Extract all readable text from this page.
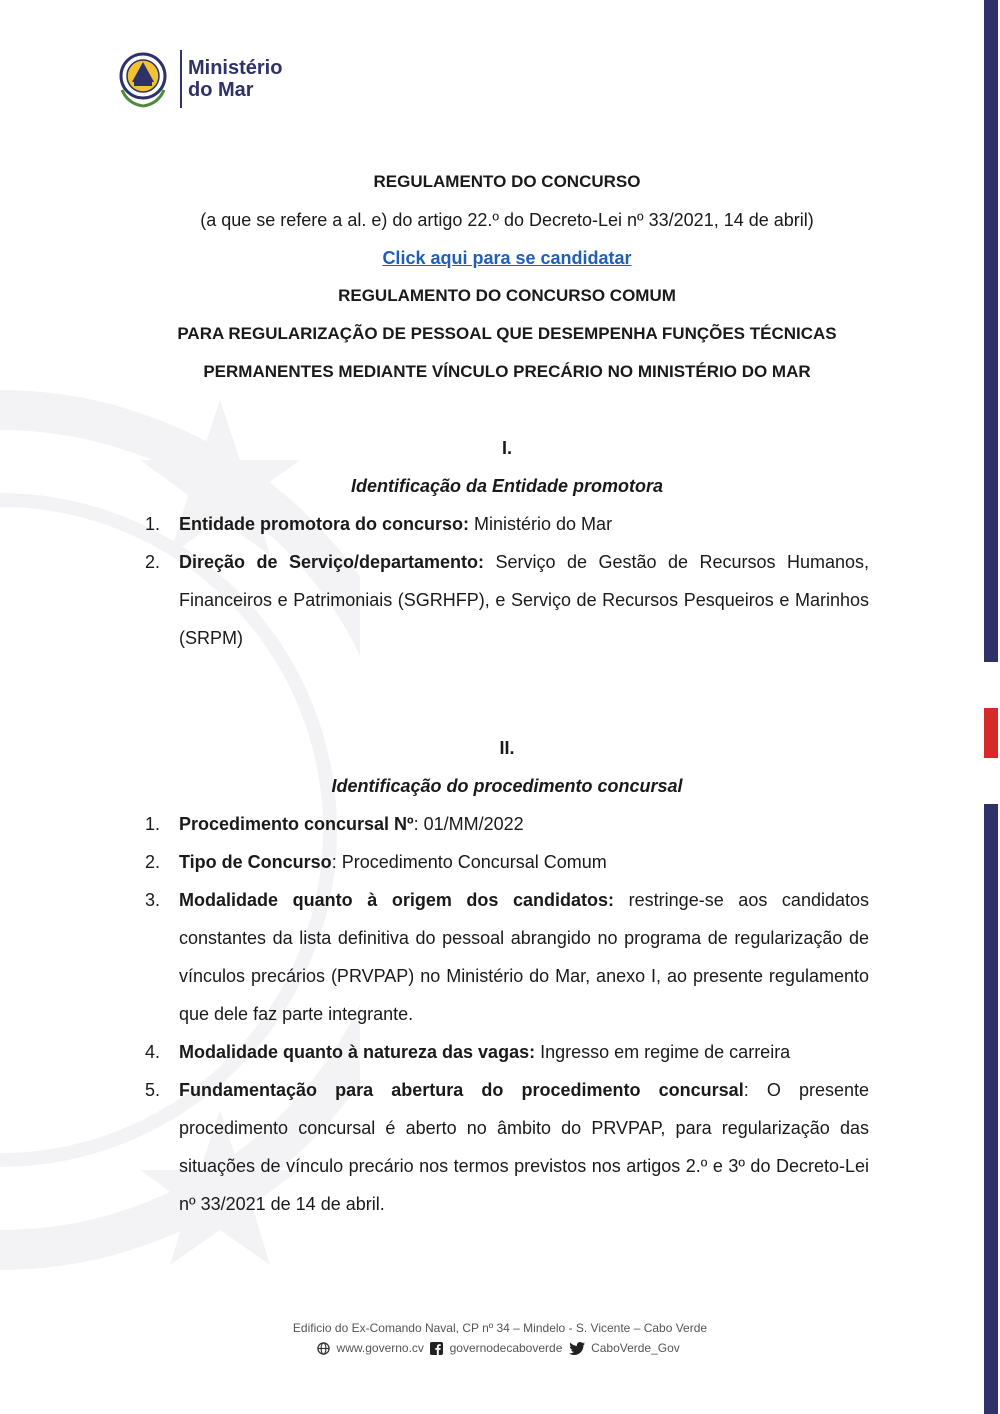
Ministério
do Mar
REGULAMENTO DO CONCURSO
(a que se refere a al. e) do artigo 22.º do Decreto-Lei nº 33/2021, 14 de abril)
Click aqui para se candidatar
REGULAMENTO DO CONCURSO COMUM
PARA REGULARIZAÇÃO DE PESSOAL QUE DESEMPENHA FUNÇÕES TÉCNICAS
PERMANENTES MEDIANTE VÍNCULO PRECÁRIO NO MINISTÉRIO DO MAR
I.
Identificação da Entidade promotora
1.	Entidade promotora do concurso: Ministério do Mar
2.	Direção de Serviço/departamento: Serviço de Gestão de Recursos Humanos, Financeiros e Patrimoniais (SGRHFP), e Serviço de Recursos Pesqueiros e Marinhos (SRPM)
II.
Identificação do procedimento concursal
1.	Procedimento concursal Nº: 01/MM/2022
2.	Tipo de Concurso: Procedimento Concursal Comum
3.	Modalidade quanto à origem dos candidatos: restringe-se aos candidatos constantes da lista definitiva do pessoal abrangido no programa de regularização de vínculos precários (PRVPAP) no Ministério do Mar, anexo I, ao presente regulamento que dele faz parte integrante.
4.	Modalidade quanto à natureza das vagas: Ingresso em regime de carreira
5.	Fundamentação para abertura do procedimento concursal: O presente procedimento concursal é aberto no âmbito do PRVPAP, para regularização das situações de vínculo precário nos termos previstos nos artigos 2.º e 3º do Decreto-Lei nº 33/2021 de 14 de abril.
Edificio do Ex-Comando Naval, CP nº 34 – Mindelo - S. Vicente – Cabo Verde
www.governo.cv governodecaboverde CaboVerde_Gov
